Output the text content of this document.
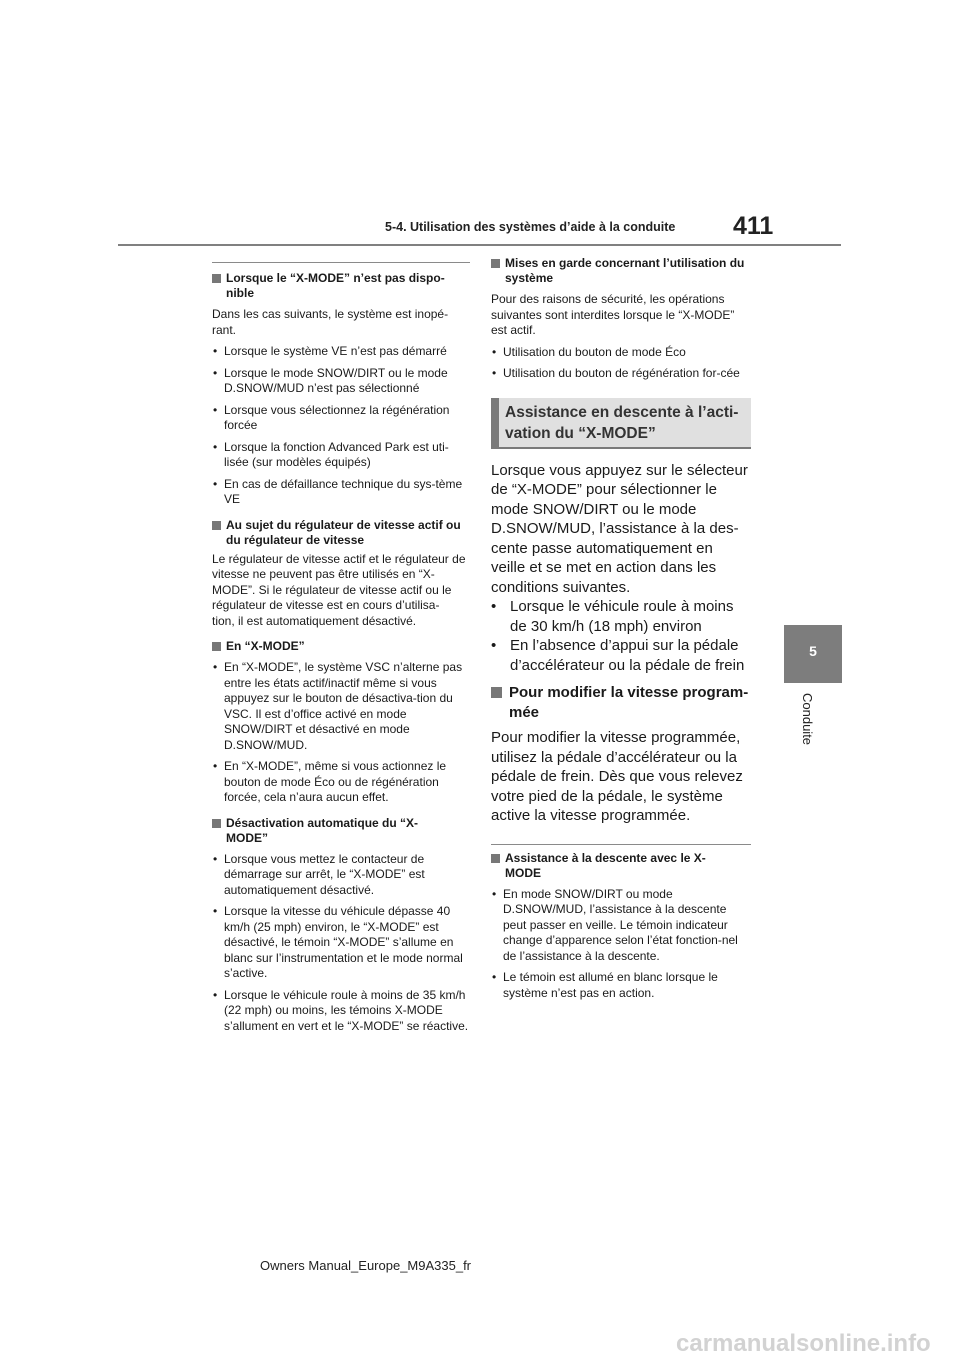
5-4. Utilisation des systèmes d’aide à la conduite 411
5
Conduite
Lorsque le “X-MODE” n’est pas dispo-
nible
Dans les cas suivants, le système est inopé-
rant.
• Lorsque le système VE n’est pas démarré
• Lorsque le mode SNOW/DIRT ou le mode D.SNOW/MUD n’est pas sélectionné
• Lorsque vous sélectionnez la régénération forcée
• Lorsque la fonction Advanced Park est uti-lisée (sur modèles équipés)
• En cas de défaillance technique du sys-tème VE
Au sujet du régulateur de vitesse actif ou du régulateur de vitesse
Le régulateur de vitesse actif et le régulateur de vitesse ne peuvent pas être utilisés en “X-MODE”. Si le régulateur de vitesse actif ou le régulateur de vitesse est en cours d’utilisa-
tion, il est automatiquement désactivé.
En “X-MODE”
• En “X-MODE”, le système VSC n’alterne pas entre les états actif/inactif même si vous appuyez sur le bouton de désactiva-tion du VSC. Il est d’office activé en mode SNOW/DIRT et désactivé en mode D.SNOW/MUD.
• En “X-MODE”, même si vous actionnez le bouton de mode Éco ou de régénération forcée, cela n’aura aucun effet.
Désactivation automatique du “X-
MODE”
• Lorsque vous mettez le contacteur de démarrage sur arrêt, le “X-MODE” est automatiquement désactivé.
• Lorsque la vitesse du véhicule dépasse 40 km/h (25 mph) environ, le “X-MODE” est désactivé, le témoin “X-MODE” s’allume en blanc sur l’instrumentation et le mode normal s’active.
• Lorsque le véhicule roule à moins de 35 km/h (22 mph) ou moins, les témoins X-MODE s’allument en vert et le “X-MODE” se réactive.
Mises en garde concernant l’utilisation du système
Pour des raisons de sécurité, les opérations suivantes sont interdites lorsque le “X-MODE” est actif.
• Utilisation du bouton de mode Éco
• Utilisation du bouton de régénération for-cée
Assistance en descente à l’acti-
vation du “X-MODE”
Lorsque vous appuyez sur le sélecteur de “X-MODE” pour sélectionner le mode SNOW/DIRT ou le mode D.SNOW/MUD, l’assistance à la des-
cente passe automatiquement en veille et se met en action dans les conditions suivantes.
• Lorsque le véhicule roule à moins de 30 km/h (18 mph) environ
• En l’absence d’appui sur la pédale d’accélérateur ou la pédale de frein
Pour modifier la vitesse program-
mée
Pour modifier la vitesse programmée, utilisez la pédale d’accélérateur ou la pédale de frein. Dès que vous relevez votre pied de la pédale, le système active la vitesse programmée.
Assistance à la descente avec le X-
MODE
• En mode SNOW/DIRT ou mode D.SNOW/MUD, l’assistance à la descente peut passer en veille. Le témoin indicateur change d’apparence selon l’état fonction-nel de l’assistance à la descente.
• Le témoin est allumé en blanc lorsque le système n’est pas en action.
Owners Manual_Europe_M9A335_fr
carmanualsonline.info
